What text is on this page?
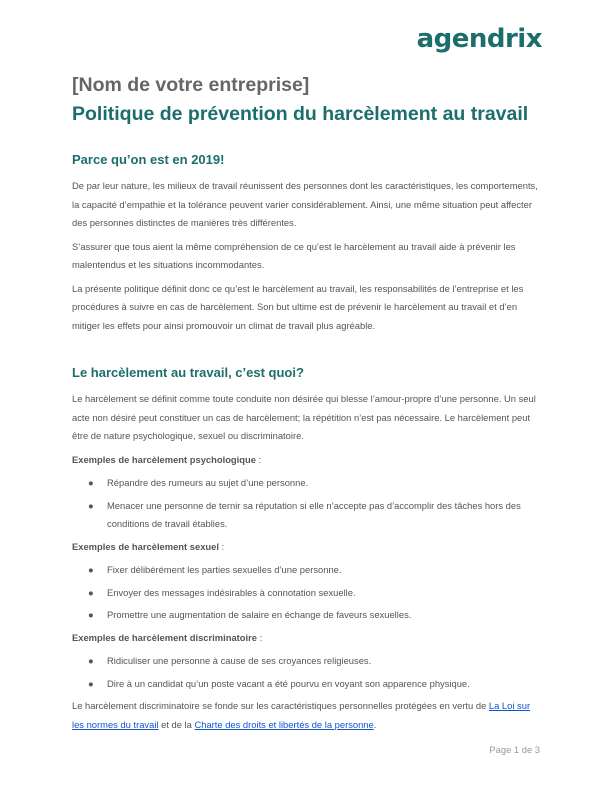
agendrix
[Nom de votre entreprise]
Politique de prévention du harcèlement au travail
Parce qu’on est en 2019!

De par leur nature, les milieux de travail réunissent des personnes dont les caractéristiques, les comportements, la capacité d’empathie et la tolérance peuvent varier considérablement. Ainsi, une même situation peut affecter des personnes distinctes de manières très différentes.

S’assurer que tous aient la même compréhension de ce qu’est le harcèlement au travail aide à prévenir les malentendus et les situations incommodantes.

La présente politique définit donc ce qu’est le harcèlement au travail, les responsabilités de l’entreprise et les procédures à suivre en cas de harcèlement. Son but ultime est de prévenir le harcèlement au travail et d’en mitiger les effets pour ainsi promouvoir un climat de travail plus agréable.

Le harcèlement au travail, c’est quoi?

Le harcèlement se définit comme toute conduite non désirée qui blesse l’amour-propre d’une personne. Un seul acte non désiré peut constituer un cas de harcèlement; la répétition n’est pas nécessaire. Le harcèlement peut être de nature psychologique, sexuel ou discriminatoire.

Exemples de harcèlement psychologique :
● Répandre des rumeurs au sujet d’une personne.
● Menacer une personne de ternir sa réputation si elle n’accepte pas d’accomplir des tâches hors des conditions de travail établies.
Exemples de harcèlement sexuel :
● Fixer délibérément les parties sexuelles d’une personne.
● Envoyer des messages indésirables à connotation sexuelle.
● Promettre une augmentation de salaire en échange de faveurs sexuelles.
Exemples de harcèlement discriminatoire :
● Ridiculiser une personne à cause de ses croyances religieuses.
● Dire à un candidat qu’un poste vacant a été pourvu en voyant son apparence physique.

Le harcèlement discriminatoire se fonde sur les caractéristiques personnelles protégées en vertu de La Loi sur les normes du travail et de la Charte des droits et libertés de la personne.

Page 1 de 3
